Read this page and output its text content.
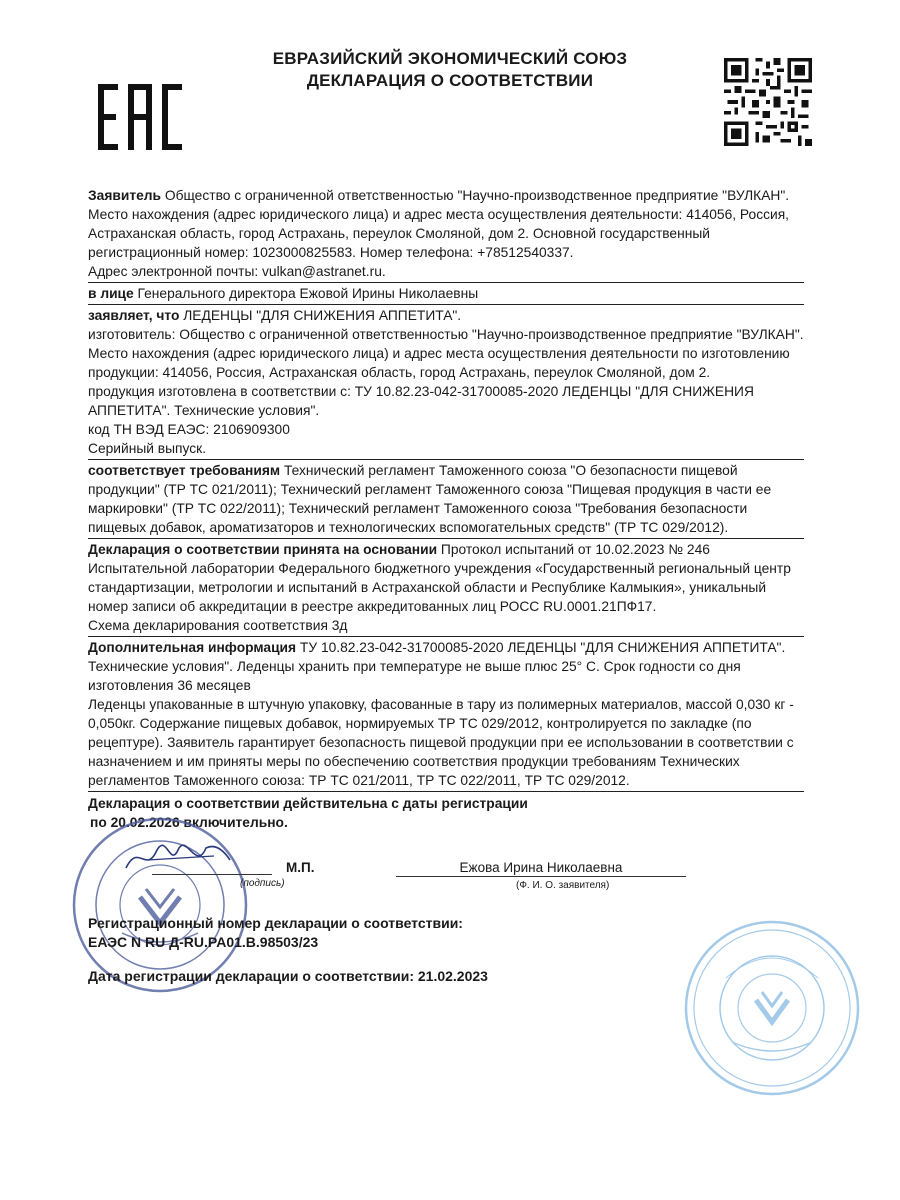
ЕВРАЗИЙСКИЙ ЭКОНОМИЧЕСКИЙ СОЮЗ
ДЕКЛАРАЦИЯ О СООТВЕТСТВИИ

Заявитель Общество с ограниченной ответственностью "Научно-производственное предприятие "ВУЛКАН".

Место нахождения (адрес юридического лица) и адрес места осуществления деятельности: 414056, Россия, Астраханская область, город Астрахань, переулок Смоляной, дом 2. Основной государственный регистрационный номер: 1023000825583. Номер телефона: +78512540337.

Адрес электронной почты: vulkan@astranet.ru.

в лице Генерального директора Ежовой Ирины Николаевны

заявляет, что ЛЕДЕНЦЫ "ДЛЯ СНИЖЕНИЯ АППЕТИТА".

изготовитель: Общество с ограниченной ответственностью "Научно-производственное предприятие "ВУЛКАН". Место нахождения (адрес юридического лица) и адрес места осуществления деятельности по изготовлению продукции: 414056, Россия, Астраханская область, город Астрахань, переулок Смоляной, дом 2.

продукция изготовлена в соответствии с: ТУ 10.82.23-042-31700085-2020 ЛЕДЕНЦЫ "ДЛЯ СНИЖЕНИЯ АППЕТИТА". Технические условия".

код ТН ВЭД ЕАЭС: 2106909300

Серийный выпуск.

соответствует требованиям Технический регламент Таможенного союза "О безопасности пищевой продукции" (ТР ТС 021/2011); Технический регламент Таможенного союза "Пищевая продукция в части ее маркировки" (ТР ТС 022/2011); Технический регламент Таможенного союза "Требования безопасности пищевых добавок, ароматизаторов и технологических вспомогательных средств" (ТР ТС 029/2012).

Декларация о соответствии принята на основании Протокол испытаний от 10.02.2023 № 246 Испытательной лаборатории Федерального бюджетного учреждения «Государственный региональный центр стандартизации, метрологии и испытаний в Астраханской области и Республике Калмыкия», уникальный номер записи об аккредитации в реестре аккредитованных лиц РОСС RU.0001.21ПФ17.

Схема декларирования соответствия 3д

Дополнительная информация ТУ 10.82.23-042-31700085-2020 ЛЕДЕНЦЫ "ДЛЯ СНИЖЕНИЯ АППЕТИТА". Технические условия". Леденцы хранить при температуре не выше плюс 25° С. Срок годности со дня изготовления 36 месяцев

Леденцы упакованные в штучную упаковку, фасованные в тару из полимерных материалов, массой 0,030 кг - 0,050кг. Содержание пищевых добавок, нормируемых ТР ТС 029/2012, контролируется по закладке (по рецептуре). Заявитель гарантирует безопасность пищевой продукции при ее использовании в соответствии с назначением и им приняты меры по обеспечению соответствия продукции требованиям Технических регламентов Таможенного союза: ТР ТС 021/2011, ТР ТС 022/2011, ТР ТС 029/2012.

Декларация о соответствии действительна с даты регистрации
по 20.02.2026 включительно.
(подпись)
М.П.	Ежова Ирина Николаевна
(Ф. И. О. заявителя)
Регистрационный номер декларации о соответствии:
ЕАЭС N RU Д-RU.PA01.B.98503/23
Дата регистрации декларации о соответствии: 21.02.2023
